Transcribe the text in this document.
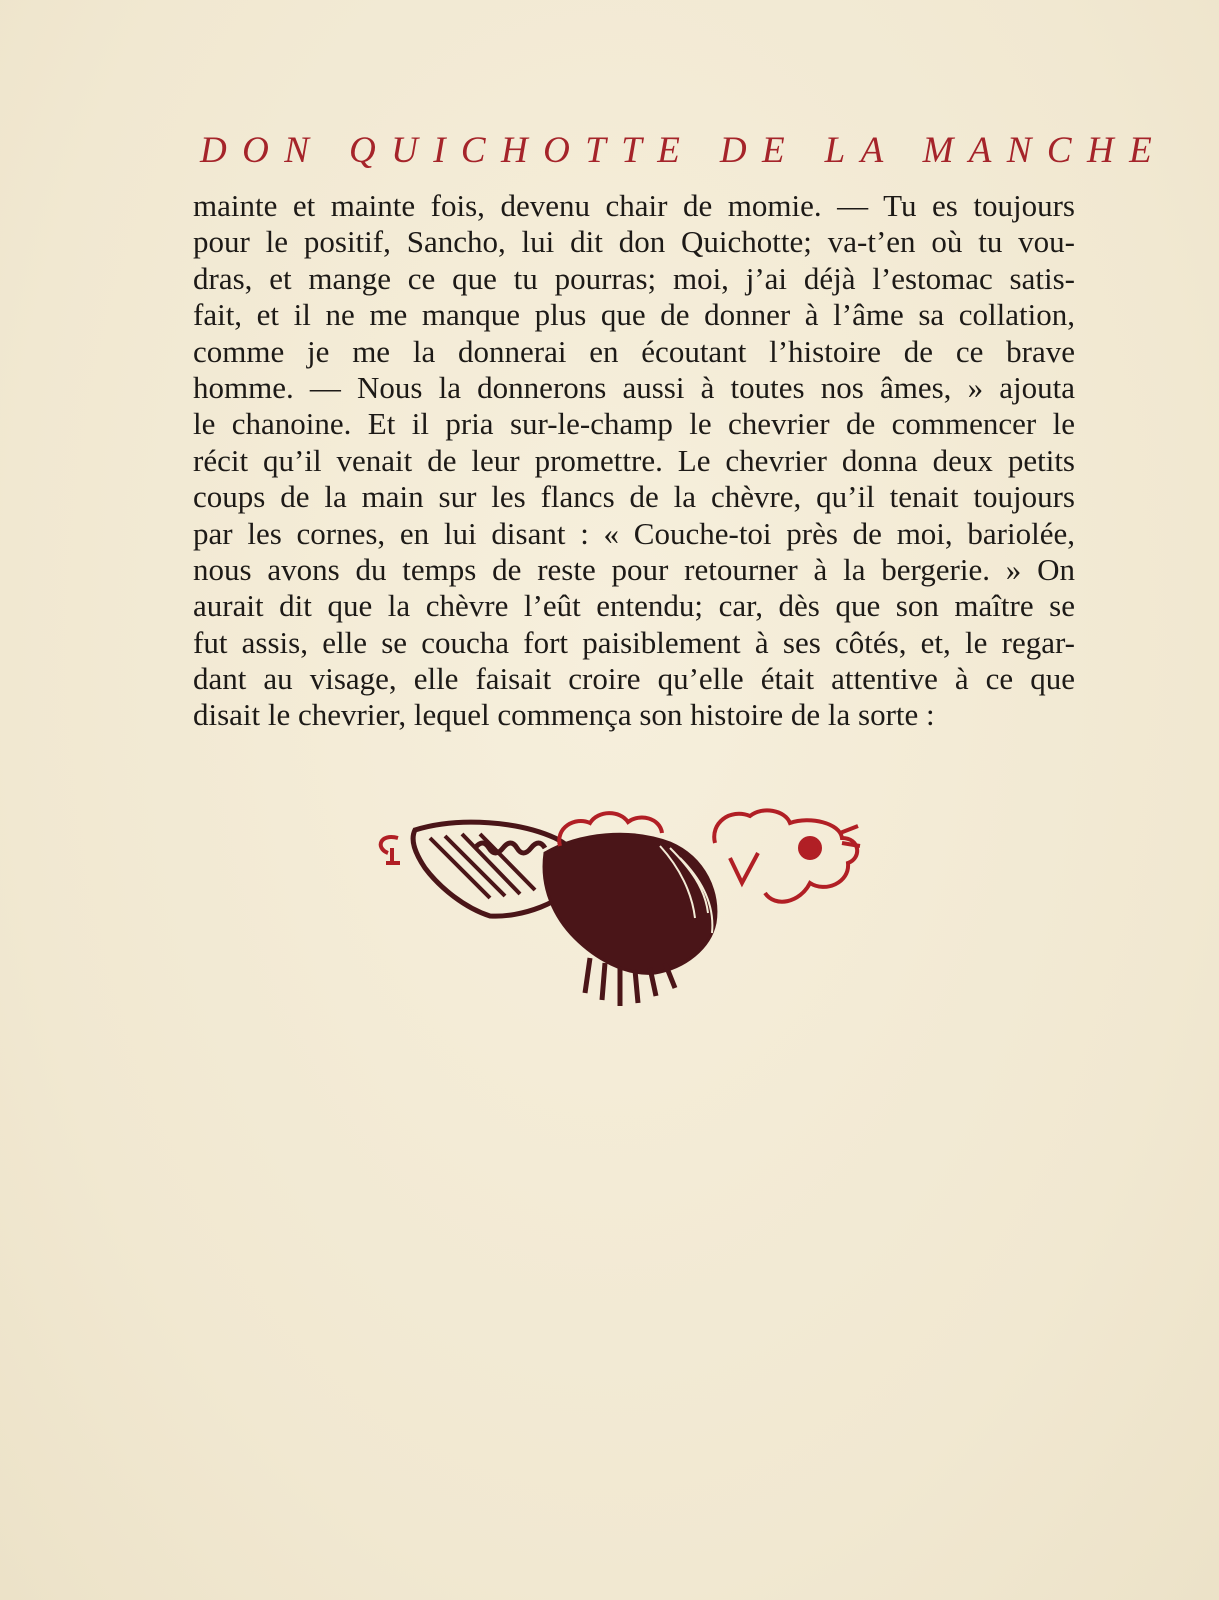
DON QUICHOTTE DE LA MANCHE
mainte et mainte fois, devenu chair de momie. — Tu es toujours
pour le positif, Sancho, lui dit don Quichotte; va-t’en où tu vou-
dras, et mange ce que tu pourras; moi, j’ai déjà l’estomac satis-
fait, et il ne me manque plus que de donner à l’âme sa collation,
comme je me la donnerai en écoutant l’histoire de ce brave
homme. — Nous la donnerons aussi à toutes nos âmes, » ajouta
le chanoine. Et il pria sur-le-champ le chevrier de commencer le
récit qu’il venait de leur promettre. Le chevrier donna deux petits
coups de la main sur les flancs de la chèvre, qu’il tenait toujours
par les cornes, en lui disant : « Couche-toi près de moi, bariolée,
nous avons du temps de reste pour retourner à la bergerie. » On
aurait dit que la chèvre l’eût entendu; car, dès que son maître se
fut assis, elle se coucha fort paisiblement à ses côtés, et, le regar-
dant au visage, elle faisait croire qu’elle était attentive à ce que
disait le chevrier, lequel commença son histoire de la sorte :
